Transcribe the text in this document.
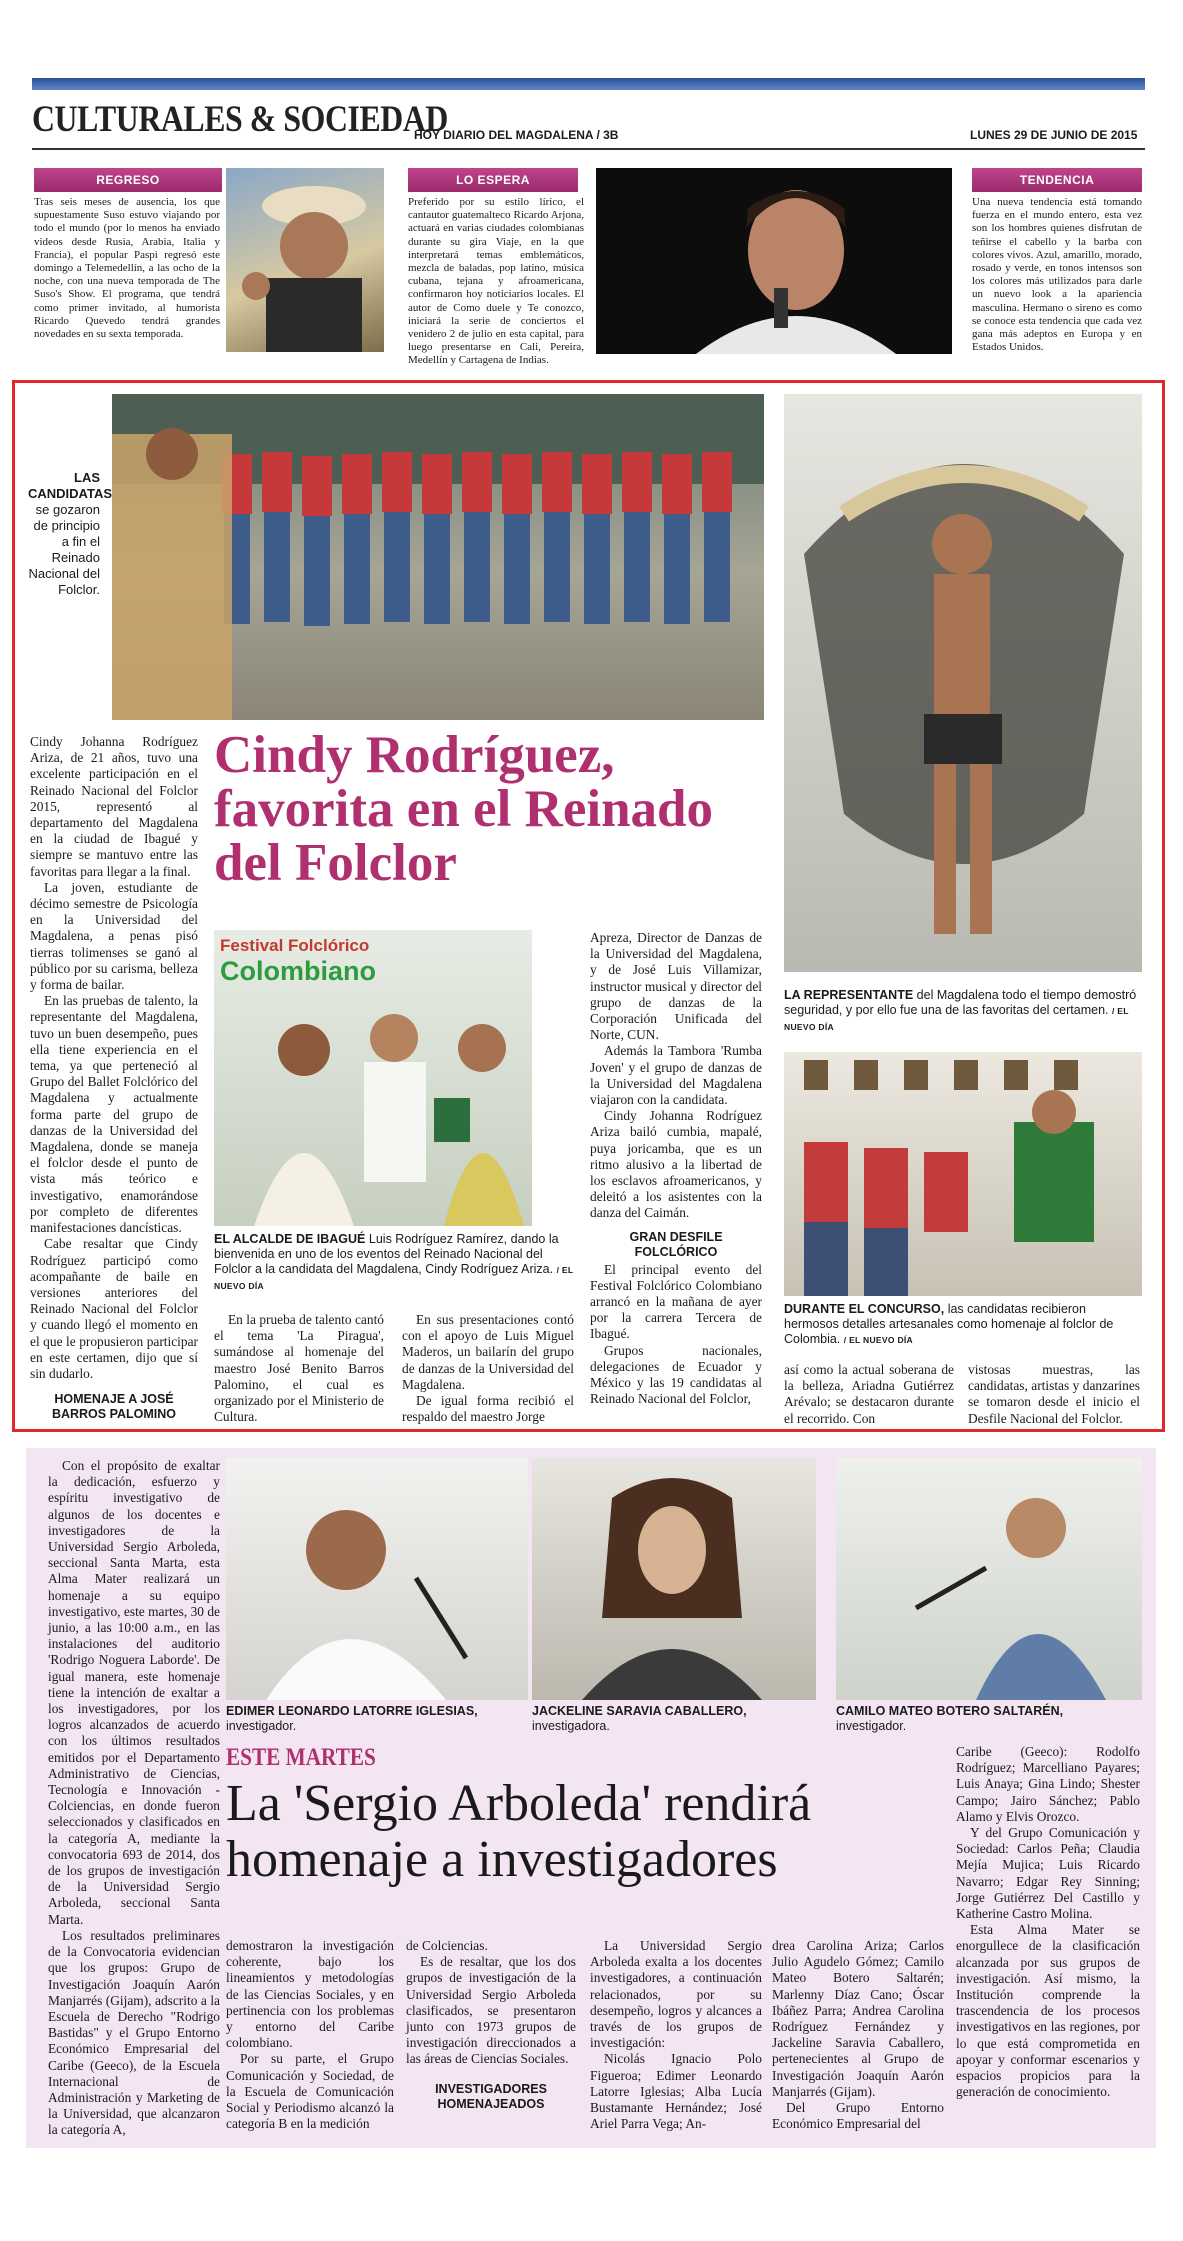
CULTURALES & SOCIEDAD
HOY DIARIO DEL MAGDALENA / 3B	LUNES 29 DE JUNIO DE 2015
REGRESO
Tras seis meses de ausencia, los que supuestamente Suso estuvo viajando por todo el mundo (por lo menos ha enviado videos desde Rusia, Arabia, Italia y Francia), el popular Paspi regresó este domingo a Telemedellín, a las ocho de la noche, con una nueva temporada de The Suso's Show. El programa, que tendrá como primer invitado, al humorista Ricardo Quevedo tendrá grandes novedades en su sexta temporada.
LO ESPERA
Preferido por su estilo lírico, el cantautor guatemalteco Ricardo Arjona, actuará en varias ciudades colombianas durante su gira Viaje, en la que interpretará temas emblemáticos, mezcla de baladas, pop latino, música cubana, tejana y afroamericana, confirmaron hoy noticiarios locales. El autor de Como duele y Te conozco, iniciará la serie de conciertos el venidero 2 de julio en esta capital, para luego presentarse en Cali, Pereira, Medellín y Cartagena de Indias.
TENDENCIA
Una nueva tendencia está tomando fuerza en el mundo entero, esta vez son los hombres quienes disfrutan de teñirse el cabello y la barba con colores vivos. Azul, amarillo, morado, rosado y verde, en tonos intensos son los colores más utilizados para darle un nuevo look a la apariencia masculina. Hermano o sireno es como se conoce esta tendencia que cada vez gana más adeptos en Europa y en Estados Unidos.
LAS CANDIDATAS se gozaron de principio a fin el Reinado Nacional del Folclor.
LA REPRESENTANTE del Magdalena todo el tiempo demostró seguridad, y por ello fue una de las favoritas del certamen. / EL NUEVO DÍA
DURANTE EL CONCURSO, las candidatas recibieron hermosos detalles artesanales como homenaje al folclor de Colombia. / EL NUEVO DÍA
Cindy Rodríguez, favorita en el Reinado del Folclor

Cindy Johanna Rodríguez Ariza, de 21 años, tuvo una excelente participación en el Reinado Nacional del Folclor 2015, representó al departamento del Magdalena en la ciudad de Ibagué y siempre se mantuvo entre las favoritas para llegar a la final.

La joven, estudiante de décimo semestre de Psicología en la Universidad del Magdalena, a penas pisó tierras tolimenses se ganó al público por su carisma, belleza y forma de bailar.

En las pruebas de talento, la representante del Magdalena, tuvo un buen desempeño, pues ella tiene experiencia en el tema, ya que perteneció al Grupo del Ballet Folclórico del Magdalena y actualmente forma parte del grupo de danzas de la Universidad del Magdalena, donde se maneja el folclor desde el punto de vista más teórico e investigativo, enamorándose por completo de diferentes manifestaciones dancísticas.

Cabe resaltar que Cindy Rodríguez participó como acompañante de baile en versiones anteriores del Reinado Nacional del Folclor y cuando llegó el momento en el que le propusieron participar en este certamen, dijo que sí sin dudarlo.

HOMENAJE A JOSÉ BARROS PALOMINO
Festival Folclórico
Colombiano
EL ALCALDE DE IBAGUÉ Luis Rodríguez Ramírez, dando la bienvenida en uno de los eventos del Reinado Nacional del Folclor a la candidata del Magdalena, Cindy Rodríguez Ariza. / EL NUEVO DÍA

En la prueba de talento cantó el tema 'La Piragua', sumándose al homenaje del maestro José Benito Barros Palomino, el cual es organizado por el Ministerio de Cultura.

En sus presentaciones contó con el apoyo de Luis Miguel Maderos, un bailarín del grupo de danzas de la Universidad del Magdalena.

De igual forma recibió el respaldo del maestro Jorge

Apreza, Director de Danzas de la Universidad del Magdalena, y de José Luis Villamizar, instructor musical y director del grupo de danzas de la Corporación Unificada del Norte, CUN.

Además la Tambora 'Rumba Joven' y el grupo de danzas de la Universidad del Magdalena viajaron con la candidata.

Cindy Johanna Rodríguez Ariza bailó cumbia, mapalé, puya joricamba, que es un ritmo alusivo a la libertad de los esclavos afroamericanos, y deleitó a los asistentes con la danza del Caimán.

GRAN DESFILE FOLCLÓRICO

El principal evento del Festival Folclórico Colombiano arrancó en la mañana de ayer por la carrera Tercera de Ibagué.

Grupos nacionales, delegaciones de Ecuador y México y las 19 candidatas al Reinado Nacional del Folclor,

así como la actual soberana de la belleza, Ariadna Gutiérrez Arévalo; se destacaron durante el recorrido. Con

vistosas muestras, las candidatas, artistas y danzarines se tomaron desde el inicio el Desfile Nacional del Folclor.

Con el propósito de exaltar la dedicación, esfuerzo y espíritu investigativo de algunos de los docentes e investigadores de la Universidad Sergio Arboleda, seccional Santa Marta, esta Alma Mater realizará un homenaje a su equipo investigativo, este martes, 30 de junio, a las 10:00 a.m., en las instalaciones del auditorio 'Rodrigo Noguera Laborde'. De igual manera, este homenaje tiene la intención de exaltar a los investigadores, por los logros alcanzados de acuerdo con los últimos resultados emitidos por el Departamento Administrativo de Ciencias, Tecnología e Innovación - Colciencias, en donde fueron seleccionados y clasificados en la categoría A, mediante la convocatoria 693 de 2014, dos de los grupos de investigación de la Universidad Sergio Arboleda, seccional Santa Marta.

Los resultados preliminares de la Convocatoria evidencian que los grupos: Grupo de Investigación Joaquín Aarón Manjarrés (Gijam), adscrito a la Escuela de Derecho "Rodrigo Bastidas" y el Grupo Entorno Económico Empresarial del Caribe (Geeco), de la Escuela Internacional de Administración y Marketing de la Universidad, que alcanzaron la categoría A,

EDIMER LEONARDO LATORRE IGLESIAS, investigador.
JACKELINE SARAVIA CABALLERO, investigadora.
CAMILO MATEO BOTERO SALTARÉN, investigador.
ESTE MARTES
La 'Sergio Arboleda' rendirá homenaje a investigadores

Caribe (Geeco): Rodolfo Rodríguez; Marcelliano Payares; Luis Anaya; Gina Lindo; Shester Campo; Jairo Sánchez; Pablo Alamo y Elvis Orozco.

Y del Grupo Comunicación y Sociedad: Carlos Peña; Claudia Mejía Mujica; Luis Ricardo Navarro; Edgar Rey Sinning; Jorge Gutiérrez Del Castillo y Katherine Castro Molina.

Esta Alma Mater se enorgullece de la clasificación alcanzada por sus grupos de investigación. Así mismo, la Institución comprende la trascendencia de los procesos investigativos en las regiones, por lo que está comprometida en apoyar y conformar escenarios y espacios propicios para la generación de conocimiento.

demostraron la investigación coherente, bajo los lineamientos y metodologías de las Ciencias Sociales, y en pertinencia con los problemas y entorno del Caribe colombiano.

Por su parte, el Grupo Comunicación y Sociedad, de la Escuela de Comunicación Social y Periodismo alcanzó la categoría B en la medición

de Colciencias.

Es de resaltar, que los dos grupos de investigación de la Universidad Sergio Arboleda clasificados, se presentaron junto con 1973 grupos de investigación direccionados a las áreas de Ciencias Sociales.

INVESTIGADORES HOMENAJEADOS

La Universidad Sergio Arboleda exalta a los docentes investigadores, a continuación relacionados, por su desempeño, logros y alcances a través de los grupos de investigación:

Nicolás Ignacio Polo Figueroa; Edimer Leonardo Latorre Iglesias; Alba Lucía Bustamante Hernández; José Ariel Parra Vega; An-

drea Carolina Ariza; Carlos Julio Agudelo Gómez; Camilo Mateo Botero Saltarén; Marlenny Díaz Cano; Óscar Ibáñez Parra; Andrea Carolina Rodríguez Fernández y Jackeline Saravia Caballero, pertenecientes al Grupo de Investigación Joaquín Aarón Manjarrés (Gijam).

Del Grupo Entorno Económico Empresarial del
